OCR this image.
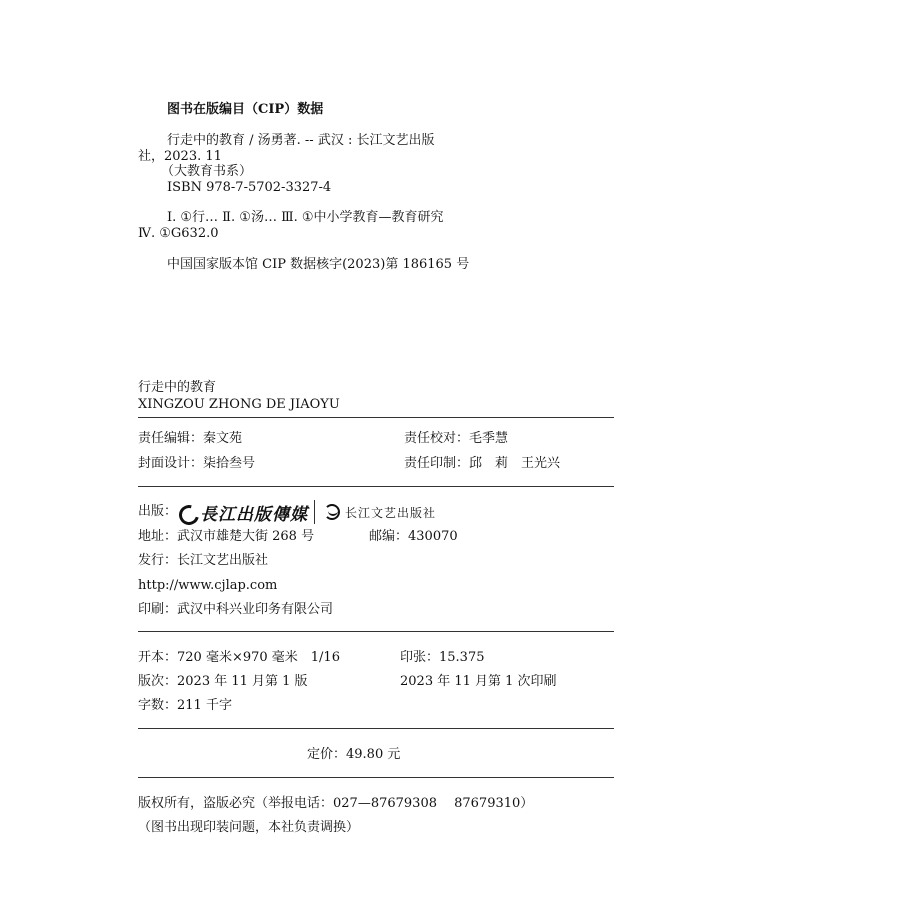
图书在版编目（CIP）数据
行走中的教育 / 汤勇著. -- 武汉 : 长江文艺出版
社，2023. 11
（大教育书系）
ISBN 978-7-5702-3327-4
Ⅰ. ①行… Ⅱ. ①汤… Ⅲ. ①中小学教育—教育研究
Ⅳ. ①G632.0
中国国家版本馆 CIP 数据核字(2023)第 186165 号
行走中的教育
XINGZOU ZHONG DE JIAOYU
责任编辑：秦文苑	责任校对：毛季慧
封面设计：柒拾叁号	责任印制：邱　莉　王光兴
出版： 長江出版傳媒	长江文艺出版社
地址：武汉市雄楚大街 268 号	邮编：430070
发行：长江文艺出版社
http://www.cjlap.com
印刷：武汉中科兴业印务有限公司
开本：720 毫米×970 毫米　1/16	印张：15.375
版次：2023 年 11 月第 1 版	2023 年 11 月第 1 次印刷
字数：211 千字
定价：49.80 元
版权所有，盗版必究（举报电话：027—87679308　 87679310）
（图书出现印装问题，本社负责调换）
